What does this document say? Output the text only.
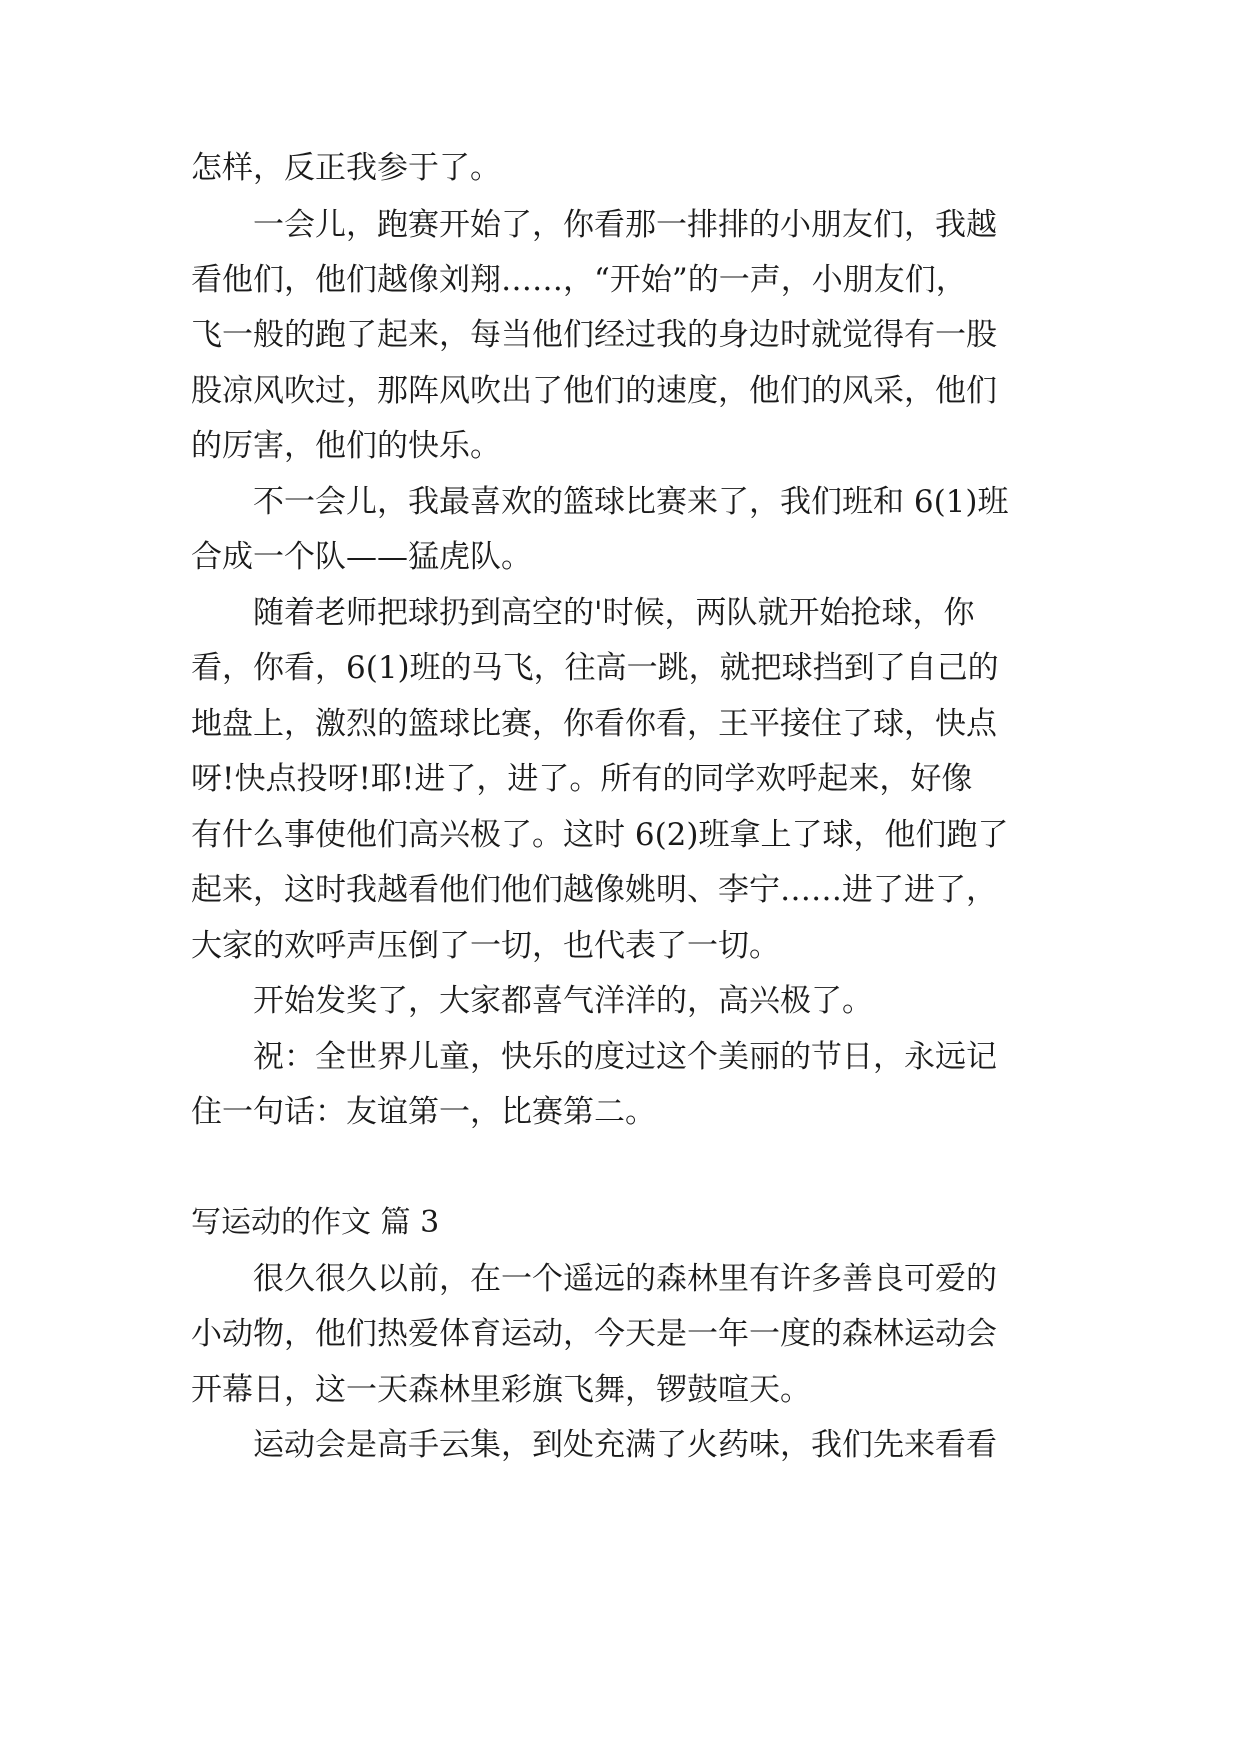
怎样，反正我参于了。
一会儿，跑赛开始了，你看那一排排的小朋友们，我越
看他们，他们越像刘翔……，“开始”的一声，小朋友们，
飞一般的跑了起来，每当他们经过我的身边时就觉得有一股
股凉风吹过，那阵风吹出了他们的速度，他们的风采，他们
的厉害，他们的快乐。
不一会儿，我最喜欢的篮球比赛来了，我们班和 6(1)班
合成一个队——猛虎队。
随着老师把球扔到高空的'时候，两队就开始抢球，你
看，你看，6(1)班的马飞，往高一跳，就把球挡到了自己的
地盘上，激烈的篮球比赛，你看你看，王平接住了球，快点
呀!快点投呀!耶!进了，进了。所有的同学欢呼起来，好像
有什么事使他们高兴极了。这时 6(2)班拿上了球，他们跑了
起来，这时我越看他们他们越像姚明、李宁……进了进了，
大家的欢呼声压倒了一切，也代表了一切。
开始发奖了，大家都喜气洋洋的，高兴极了。
祝：全世界儿童，快乐的度过这个美丽的节日，永远记
住一句话：友谊第一，比赛第二。
写运动的作文 篇 3
很久很久以前，在一个遥远的森林里有许多善良可爱的
小动物，他们热爱体育运动，今天是一年一度的森林运动会
开幕日，这一天森林里彩旗飞舞，锣鼓喧天。
运动会是高手云集，到处充满了火药味，我们先来看看
